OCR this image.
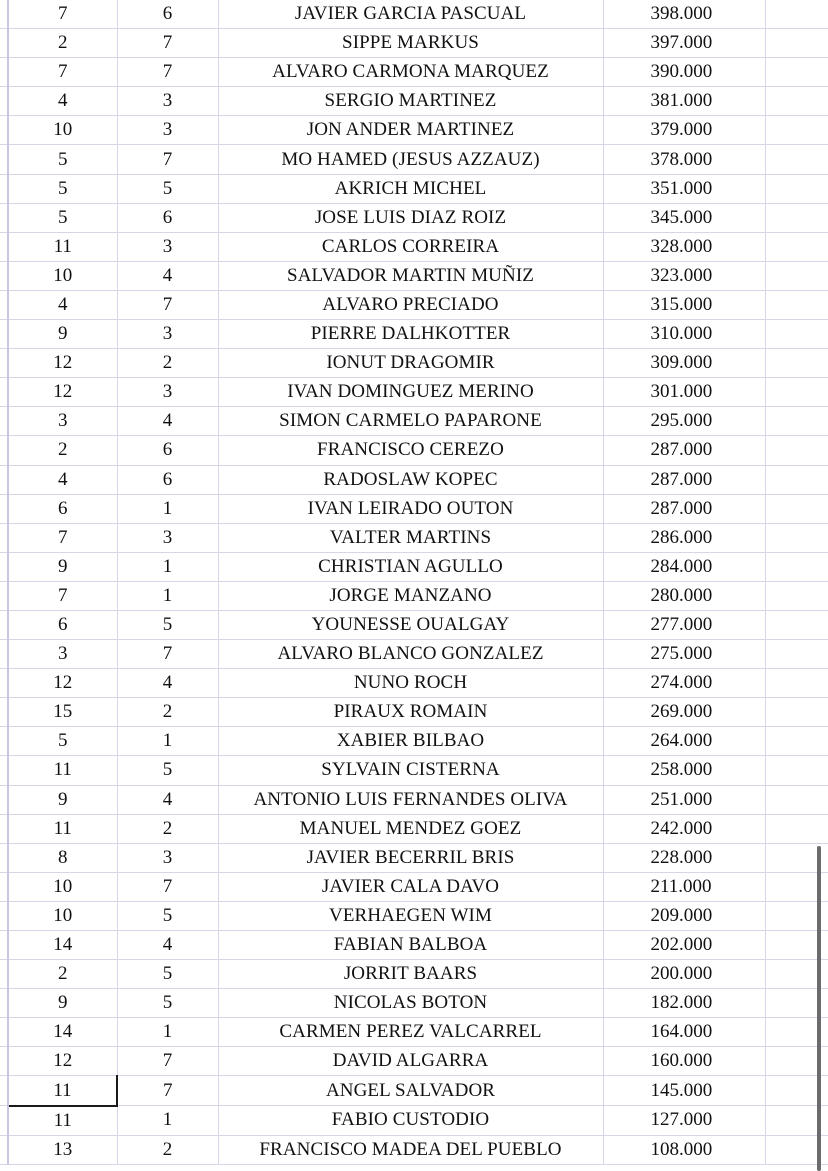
	7	6	JAVIER GARCIA PASCUAL	398.000	
	2	7	SIPPE MARKUS	397.000	
	7	7	ALVARO CARMONA MARQUEZ	390.000	
	4	3	SERGIO MARTINEZ	381.000	
	10	3	JON ANDER MARTINEZ	379.000	
	5	7	MO HAMED (JESUS AZZAUZ)	378.000	
	5	5	AKRICH MICHEL	351.000	
	5	6	JOSE LUIS DIAZ ROIZ	345.000	
	11	3	CARLOS CORREIRA	328.000	
	10	4	SALVADOR MARTIN MUÑIZ	323.000	
	4	7	ALVARO PRECIADO	315.000	
	9	3	PIERRE DALHKOTTER	310.000	
	12	2	IONUT DRAGOMIR	309.000	
	12	3	IVAN DOMINGUEZ MERINO	301.000	
	3	4	SIMON CARMELO PAPARONE	295.000	
	2	6	FRANCISCO CEREZO	287.000	
	4	6	RADOSLAW KOPEC	287.000	
	6	1	IVAN LEIRADO OUTON	287.000	
	7	3	VALTER MARTINS	286.000	
	9	1	CHRISTIAN AGULLO	284.000	
	7	1	JORGE MANZANO	280.000	
	6	5	YOUNESSE OUALGAY	277.000	
	3	7	ALVARO BLANCO GONZALEZ	275.000	
	12	4	NUNO ROCH	274.000	
	15	2	PIRAUX ROMAIN	269.000	
	5	1	XABIER BILBAO	264.000	
	11	5	SYLVAIN CISTERNA	258.000	
	9	4	ANTONIO LUIS FERNANDES OLIVA	251.000	
	11	2	MANUEL MENDEZ GOEZ	242.000	
	8	3	JAVIER BECERRIL BRIS	228.000	
	10	7	JAVIER CALA DAVO	211.000	
	10	5	VERHAEGEN WIM	209.000	
	14	4	FABIAN BALBOA	202.000	
	2	5	JORRIT BAARS	200.000	
	9	5	NICOLAS BOTON	182.000	
	14	1	CARMEN PEREZ VALCARREL	164.000	
	12	7	DAVID ALGARRA	160.000	
	11	7	ANGEL SALVADOR	145.000	
	11	1	FABIO CUSTODIO	127.000	
	13	2	FRANCISCO MADEA DEL PUEBLO	108.000	
